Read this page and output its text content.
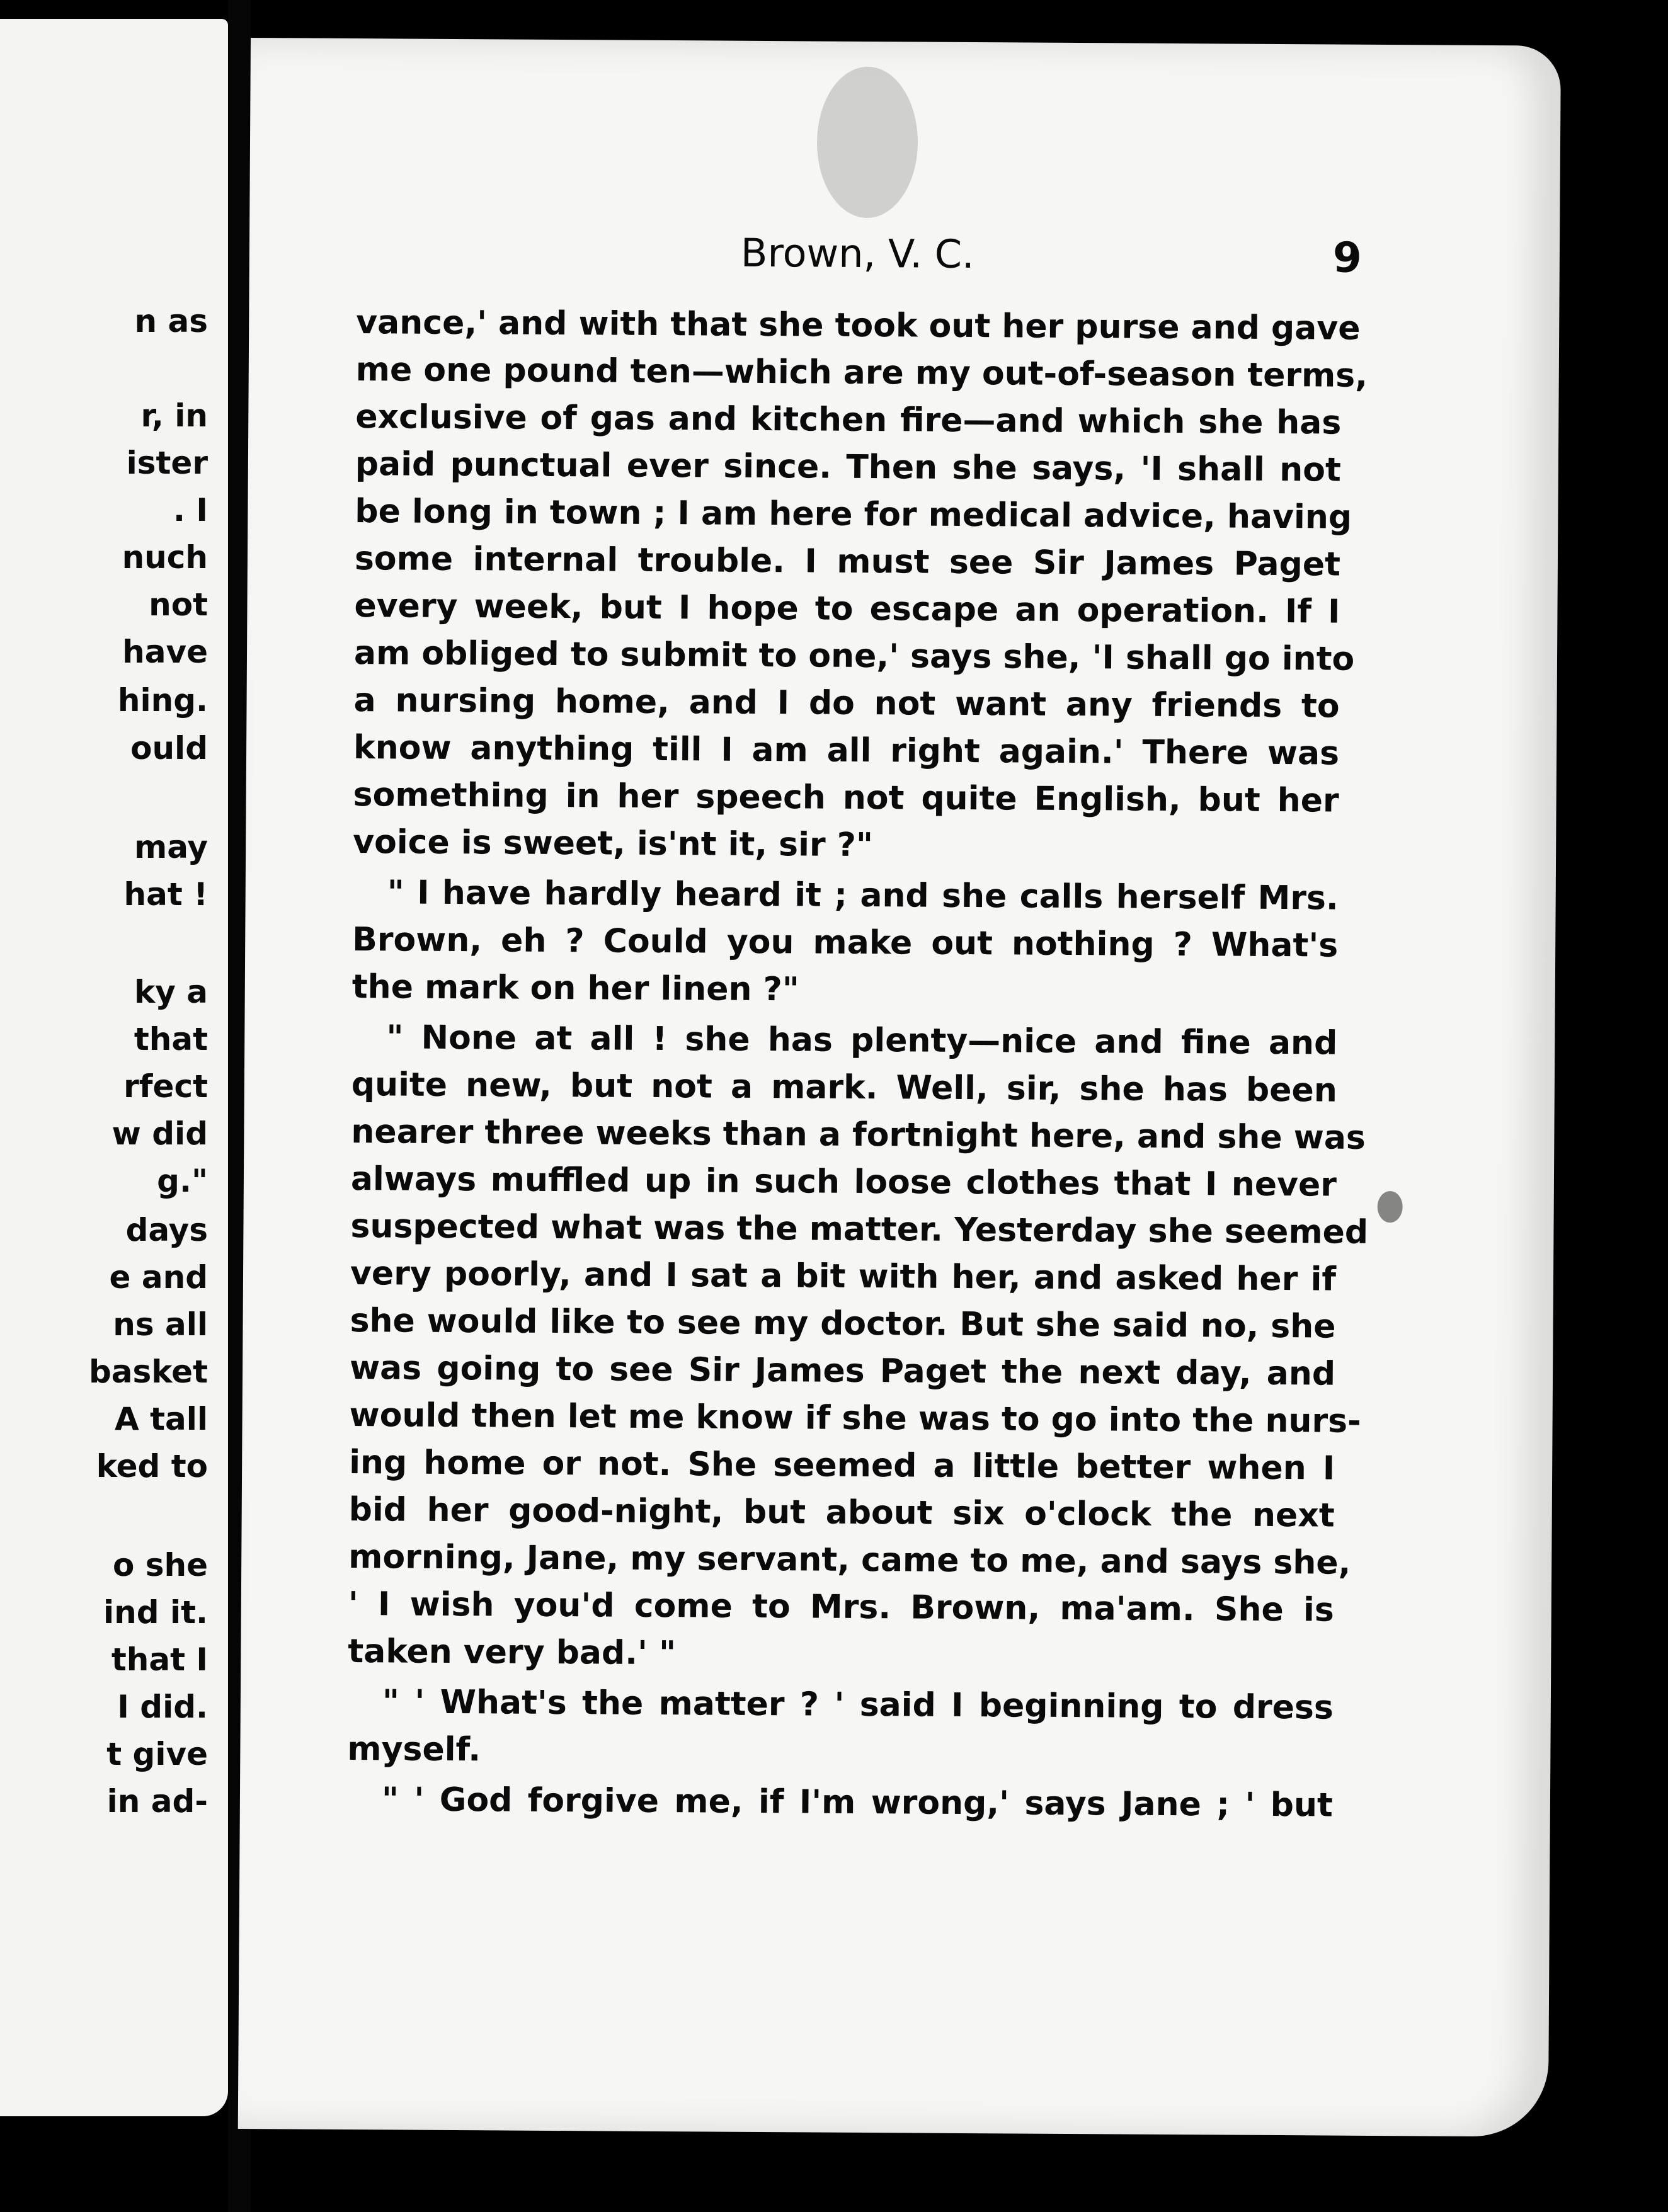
n as
r, in
ister
. I
nuch
not
have
hing.
ould
may
hat !
ky a
that
rfect
w did
g."
days
e and
ns all
basket
A tall
ked to
o she
ind it.
that I
I did.
t give
in ad-
Brown, V. C.	9
vance,' and with that she took out her purse and gave
me one pound ten—which are my out-of-season terms,
exclusive of gas and kitchen fire—and which she has
paid punctual ever since. Then she says, 'I shall not
be long in town ; I am here for medical advice, having
some internal trouble. I must see Sir James Paget
every week, but I hope to escape an operation. If I
am obliged to submit to one,' says she, 'I shall go into
a nursing home, and I do not want any friends to
know anything till I am all right again.' There was
something in her speech not quite English, but her
voice is sweet, is'nt it, sir ?"
" I have hardly heard it ; and she calls herself Mrs.
Brown, eh ? Could you make out nothing ? What's
the mark on her linen ?"
" None at all ! she has plenty—nice and fine and
quite new, but not a mark. Well, sir, she has been
nearer three weeks than a fortnight here, and she was
always muffled up in such loose clothes that I never
suspected what was the matter. Yesterday she seemed
very poorly, and I sat a bit with her, and asked her if
she would like to see my doctor. But she said no, she
was going to see Sir James Paget the next day, and
would then let me know if she was to go into the nurs-
ing home or not. She seemed a little better when I
bid her good-night, but about six o'clock the next
morning, Jane, my servant, came to me, and says she,
' I wish you'd come to Mrs. Brown, ma'am. She is
taken very bad.' "
" ' What's the matter ? ' said I beginning to dress
myself.
" ' God forgive me, if I'm wrong,' says Jane ; ' but
